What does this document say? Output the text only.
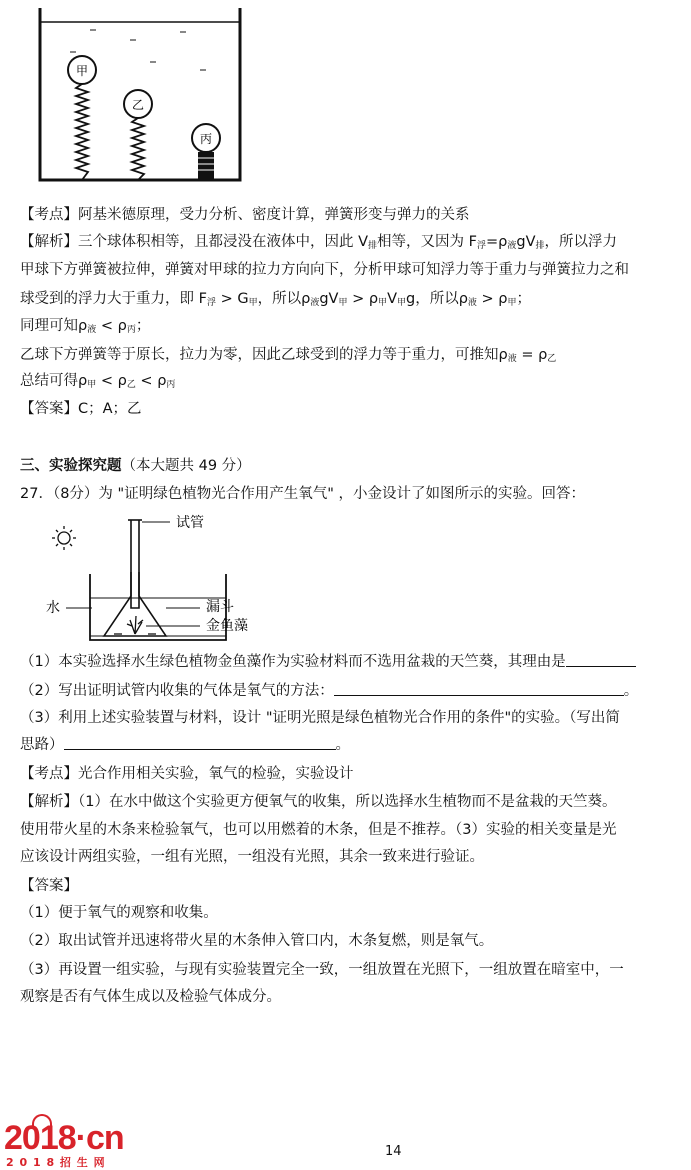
甲
乙
丙
【考点】阿基米德原理，受力分析、密度计算，弹簧形变与弹力的关系
【解析】三个球体积相等，且都浸没在液体中，因此 $V_排$相等，又因为 $F_浮=\rho_液gV_排$，所以浮力
甲球下方弹簧被拉伸，弹簧对甲球的拉力方向向下，分析甲球可知浮力等于重力与弹簧拉力之和
球受到的浮力大于重力，即 $F_浮 > G_甲$，所以$\rho_液gV_甲 > \rho_甲V_甲g$，所以$\rho_液 > \rho_甲$；
同理可知$\rho_液 < \rho_丙$；
乙球下方弹簧等于原长，拉力为零，因此乙球受到的浮力等于重力，可推知$\rho_液 = \rho_乙$
总结可得$\rho_甲 < \rho_乙 < \rho_丙$
【答案】C；A；乙
三、实验探究题（本大题共 49 分）
27．（8分）为 "证明绿色植物光合作用产生氧气" ，小金设计了如图所示的实验。回答：
试管
水	漏斗
金鱼藻
（1）本实验选择水生绿色植物金鱼藻作为实验材料而不选用盆栽的天竺葵，其理由是
（2）写出证明试管内收集的气体是氧气的方法：	。
（3）利用上述实验装置与材料，设计 "证明光照是绿色植物光合作用的条件"的实验。（写出简
思路）	。
【考点】光合作用相关实验，氧气的检验，实验设计
【解析】（1）在水中做这个实验更方便氧气的收集，所以选择水生植物而不是盆栽的天竺葵。
使用带火星的木条来检验氧气，也可以用燃着的木条，但是不推荐。（3）实验的相关变量是光
应该设计两组实验，一组有光照，一组没有光照，其余一致来进行验证。
【答案】
（1）便于氧气的观察和收集。
（2）取出试管并迅速将带火星的木条伸入管口内，木条复燃，则是氧气。
（3）再设置一组实验，与现有实验装置完全一致，一组放置在光照下，一组放置在暗室中，一
观察是否有气体生成以及检验气体成分。
2018·cn
2 0 1 8 招 生 网
14
